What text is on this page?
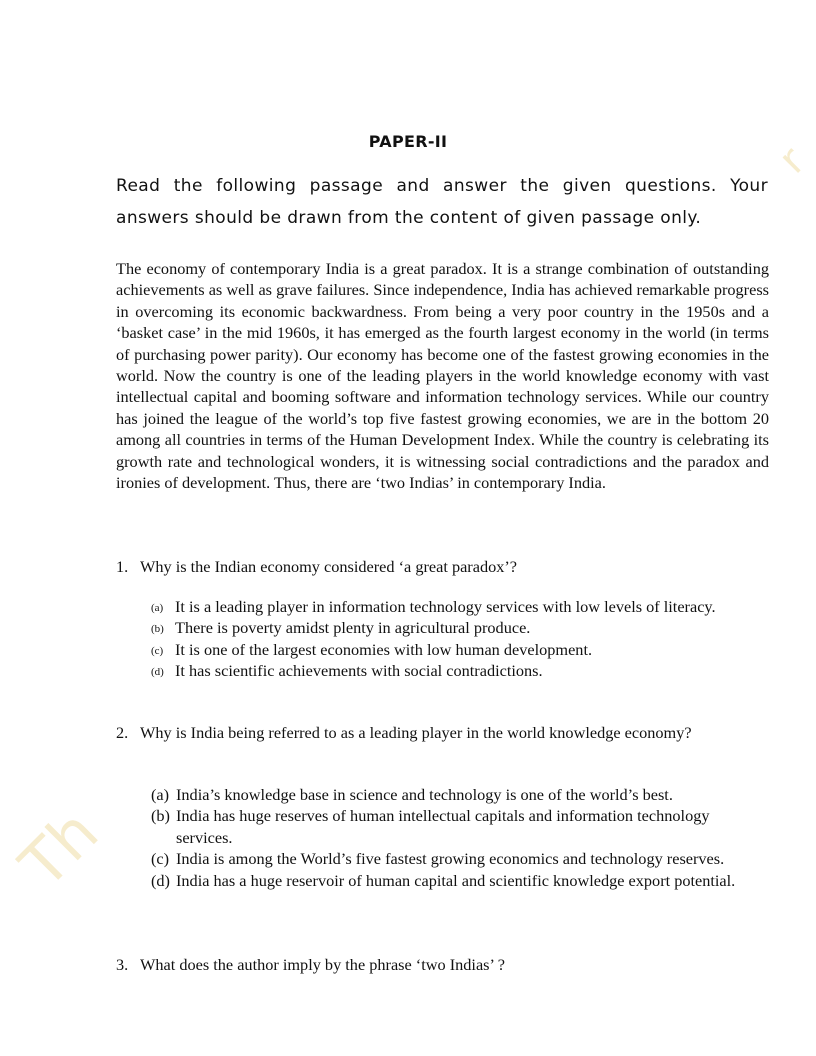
Th
r
PAPER-II
Read the following passage and answer the given questions. Your answers should be drawn from the content of given passage only.

The economy of contemporary India is a great paradox. It is a strange combination of outstanding achievements as well as grave failures. Since independence, India has achieved remarkable progress in overcoming its economic backwardness. From being a very poor country in the 1950s and a ‘basket case’ in the mid 1960s, it has emerged as the fourth largest economy in the world (in terms of purchasing power parity). Our economy has become one of the fastest growing economies in the world. Now the country is one of the leading players in the world knowledge economy with vast intellectual capital and booming software and information technology services. While our country has joined the league of the world’s top five fastest growing economies, we are in the bottom 20 among all countries in terms of the Human Development Index. While the country is celebrating its growth rate and technological wonders, it is witnessing social contradictions and the paradox and ironies of development. Thus, there are ‘two Indias’ in contemporary India.

1. Why is the Indian economy considered ‘a great paradox’?

(a) It is a leading player in information technology services with low levels of literacy.
(b) There is poverty amidst plenty in agricultural produce.
(c) It is one of the largest economies with low human development.
(d) It has scientific achievements with social contradictions.

2. Why is India being referred to as a leading player in the world knowledge economy?

(a) India’s knowledge base in science and technology is one of the world’s best.
(b) India has huge reserves of human intellectual capitals and information technology services.
(c) India is among the World’s five fastest growing economics and technology reserves.
(d) India has a huge reservoir of human capital and scientific knowledge export potential.

3. What does the author imply by the phrase ‘two Indias’ ?
